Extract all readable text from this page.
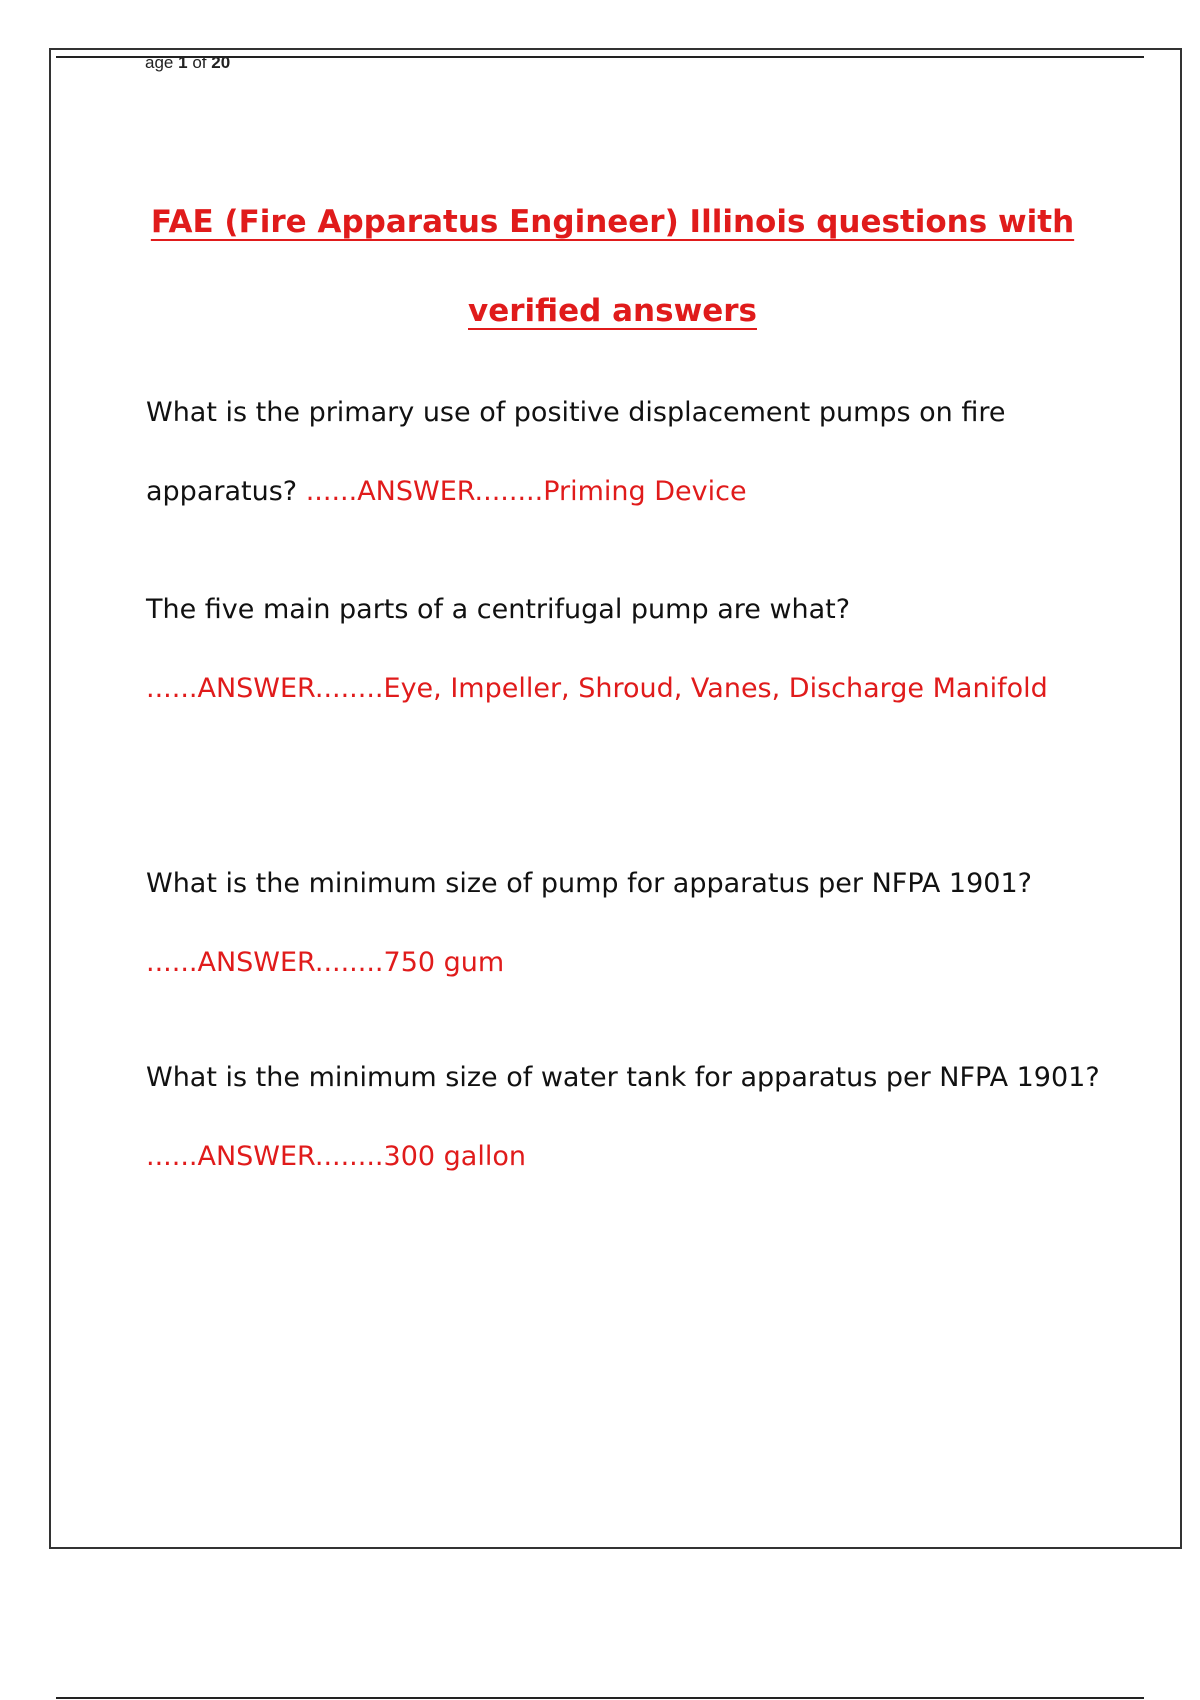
age 1 of 20
FAE (Fire Apparatus Engineer) Illinois questions with verified answers
What is the primary use of positive displacement pumps on fire apparatus? ......ANSWER........Priming Device
The five main parts of a centrifugal pump are what? ......ANSWER........Eye, Impeller, Shroud, Vanes, Discharge Manifold
What is the minimum size of pump for apparatus per NFPA 1901? ......ANSWER........750 gum
What is the minimum size of water tank for apparatus per NFPA 1901? ......ANSWER........300 gallon
